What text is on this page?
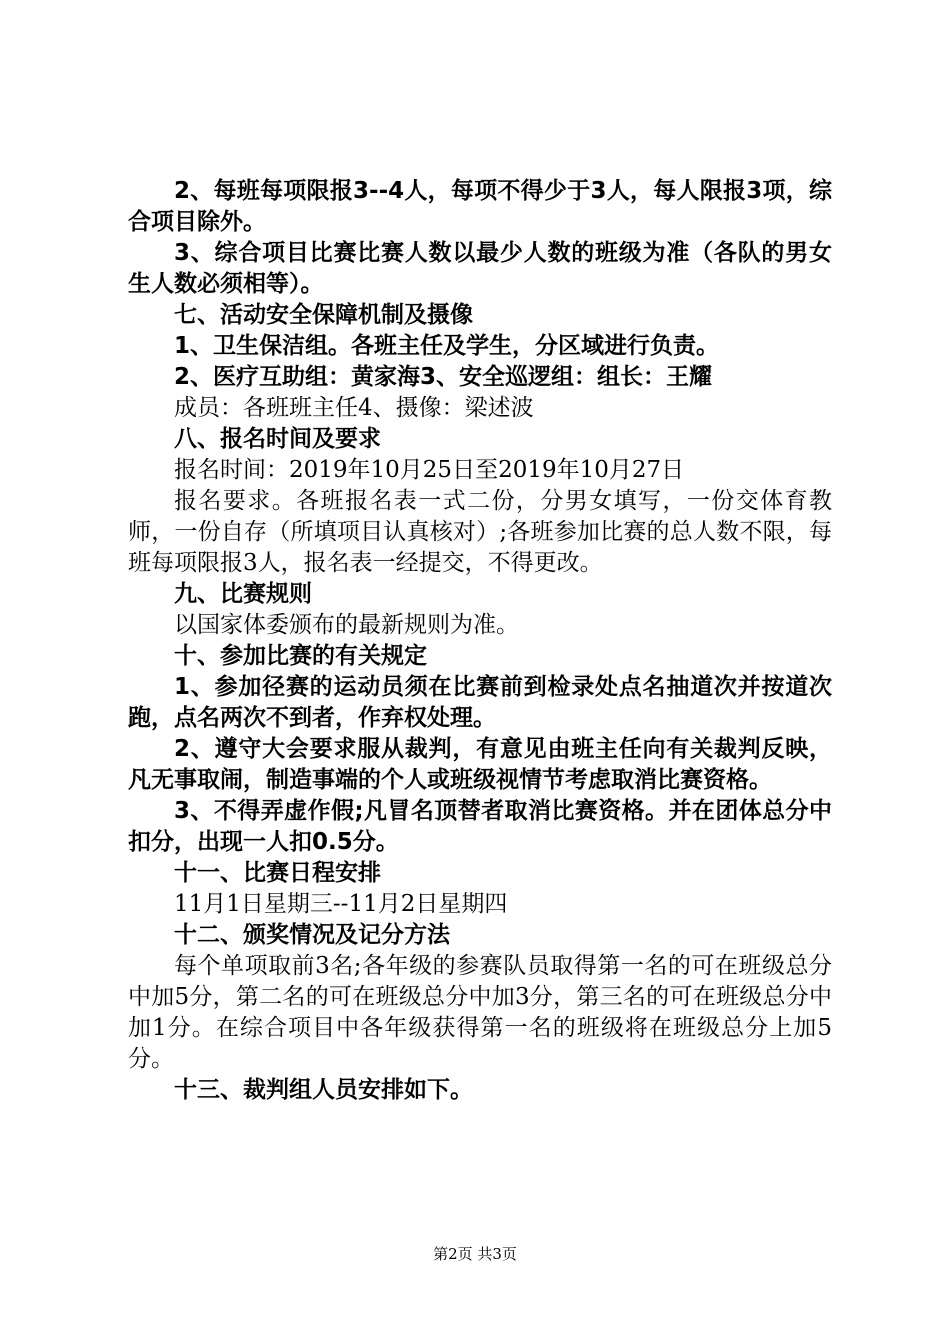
2、每班每项限报3--4人，每项不得少于3人，每人限报3项，综合项目除外。

3、综合项目比赛比赛人数以最少人数的班级为准（各队的男女生人数必须相等）。

七、活动安全保障机制及摄像

1、卫生保洁组。各班主任及学生，分区域进行负责。

2、医疗互助组：黄家海3、安全巡逻组：组长：王耀

成员：各班班主任4、摄像：梁述波

八、报名时间及要求

报名时间：2019年10月25日至2019年10月27日

报名要求。各班报名表一式二份，分男女填写，一份交体育教师，一份自存（所填项目认真核对）;各班参加比赛的总人数不限，每班每项限报3人，报名表一经提交，不得更改。

九、比赛规则

以国家体委颁布的最新规则为准。

十、参加比赛的有关规定

1、参加径赛的运动员须在比赛前到检录处点名抽道次并按道次跑，点名两次不到者，作弃权处理。

2、遵守大会要求服从裁判，有意见由班主任向有关裁判反映，凡无事取闹，制造事端的个人或班级视情节考虑取消比赛资格。

3、不得弄虚作假;凡冒名顶替者取消比赛资格。并在团体总分中扣分，出现一人扣0.5分。

十一、比赛日程安排

11月1日星期三--11月2日星期四

十二、颁奖情况及记分方法

每个单项取前3名;各年级的参赛队员取得第一名的可在班级总分中加5分，第二名的可在班级总分中加3分，第三名的可在班级总分中加1分。在综合项目中各年级获得第一名的班级将在班级总分上加5分。

十三、裁判组人员安排如下。

第2页 共3页
